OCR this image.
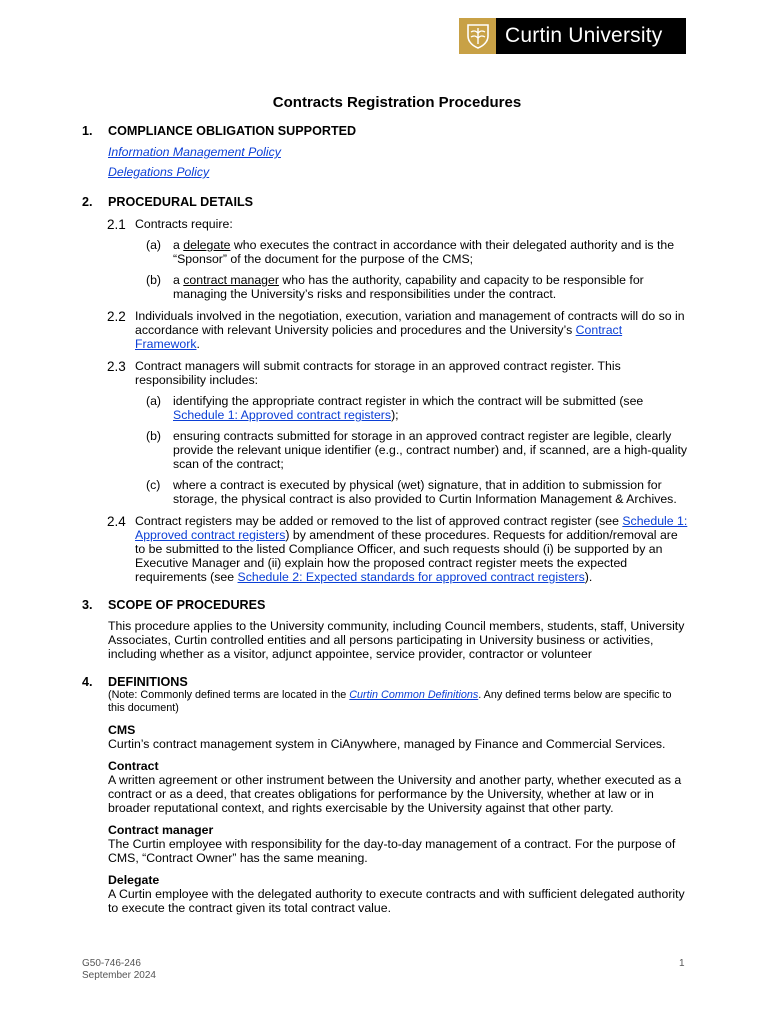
Curtin University
Contracts Registration Procedures
1. COMPLIANCE OBLIGATION SUPPORTED
Information Management Policy
Delegations Policy
2. PROCEDURAL DETAILS
2.1 Contracts require:
(a) a delegate who executes the contract in accordance with their delegated authority and is the “Sponsor” of the document for the purpose of the CMS;
(b) a contract manager who has the authority, capability and capacity to be responsible for managing the University’s risks and responsibilities under the contract.
2.2 Individuals involved in the negotiation, execution, variation and management of contracts will do so in accordance with relevant University policies and procedures and the University’s Contract Framework.
2.3 Contract managers will submit contracts for storage in an approved contract register. This responsibility includes:
(a) identifying the appropriate contract register in which the contract will be submitted (see Schedule 1: Approved contract registers);
(b) ensuring contracts submitted for storage in an approved contract register are legible, clearly provide the relevant unique identifier (e.g., contract number) and, if scanned, are a high-quality scan of the contract;
(c) where a contract is executed by physical (wet) signature, that in addition to submission for storage, the physical contract is also provided to Curtin Information Management & Archives.
2.4 Contract registers may be added or removed to the list of approved contract register (see Schedule 1: Approved contract registers) by amendment of these procedures. Requests for addition/removal are to be submitted to the listed Compliance Officer, and such requests should (i) be supported by an Executive Manager and (ii) explain how the proposed contract register meets the expected requirements (see Schedule 2: Expected standards for approved contract registers).
3. SCOPE OF PROCEDURES
This procedure applies to the University community, including Council members, students, staff, University Associates, Curtin controlled entities and all persons participating in University business or activities, including whether as a visitor, adjunct appointee, service provider, contractor or volunteer
4. DEFINITIONS
(Note: Commonly defined terms are located in the Curtin Common Definitions. Any defined terms below are specific to this document)
CMS
Curtin’s contract management system in CiAnywhere, managed by Finance and Commercial Services.
Contract
A written agreement or other instrument between the University and another party, whether executed as a contract or as a deed, that creates obligations for performance by the University, whether at law or in broader reputational context, and rights exercisable by the University against that other party.
Contract manager
The Curtin employee with responsibility for the day-to-day management of a contract. For the purpose of CMS, “Contract Owner” has the same meaning.
Delegate
A Curtin employee with the delegated authority to execute contracts and with sufficient delegated authority to execute the contract given its total contract value.
G50-746-246
September 2024
1
